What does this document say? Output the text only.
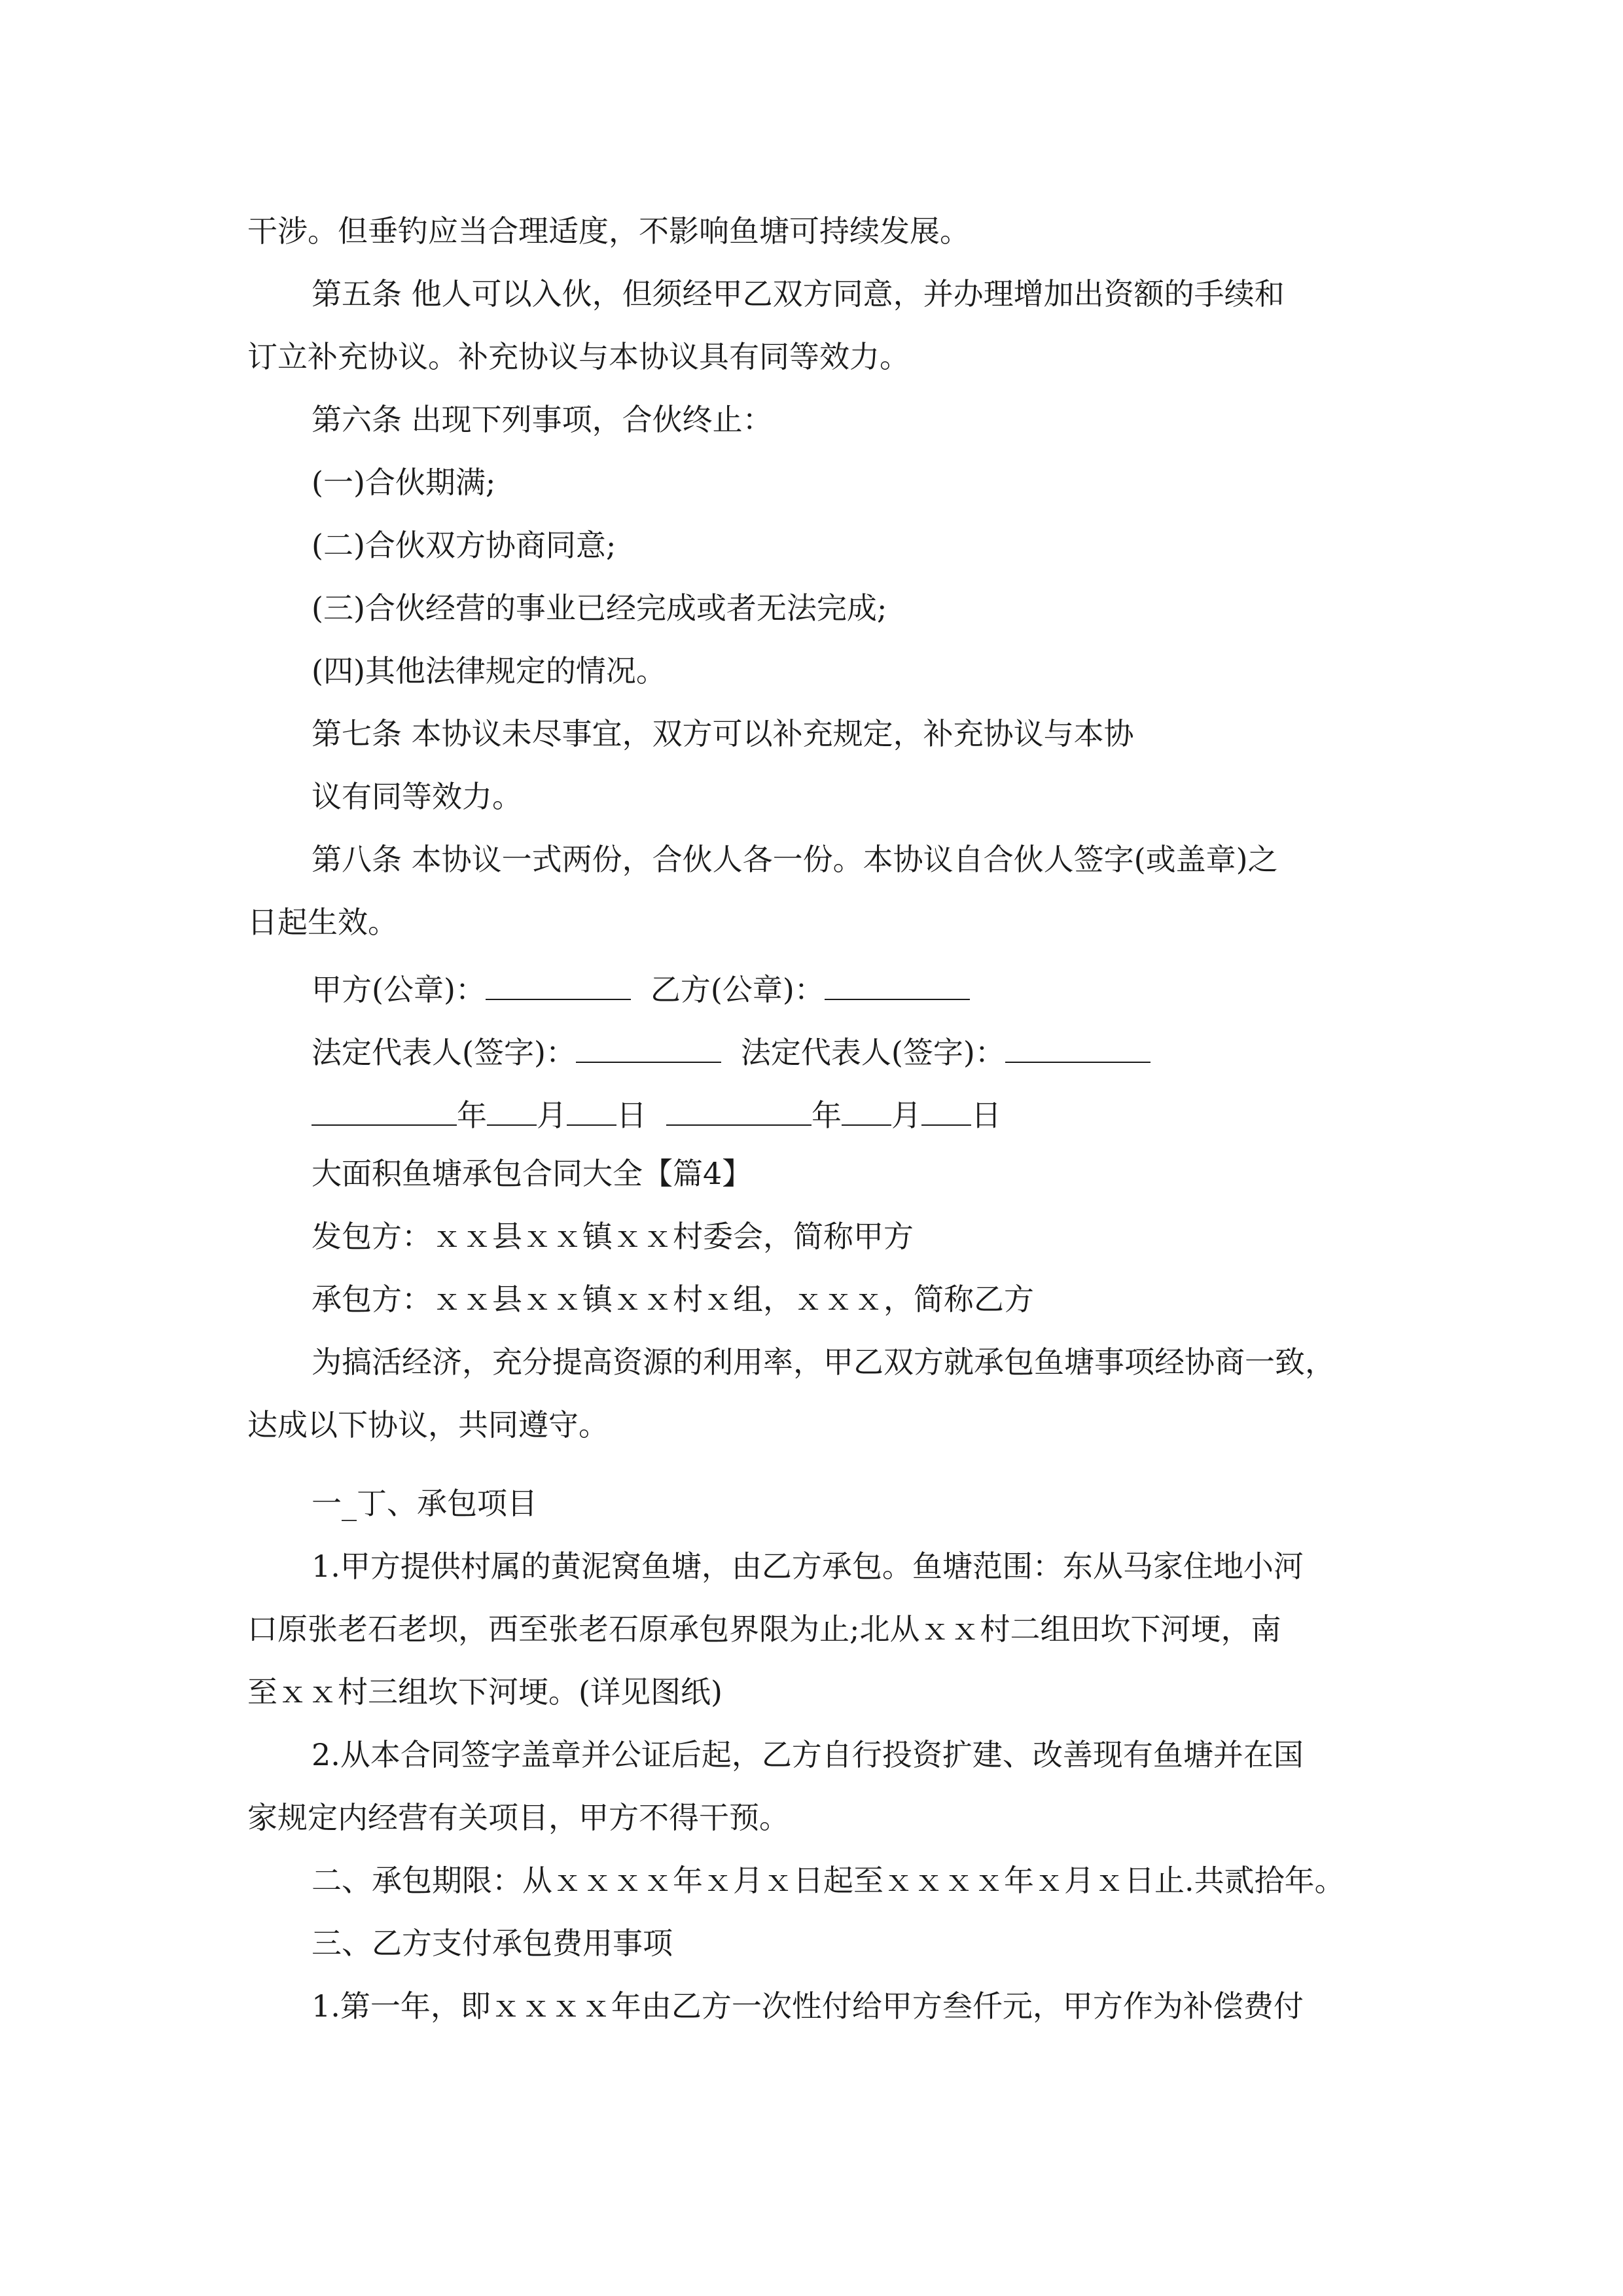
干涉。但垂钓应当合理适度，不影响鱼塘可持续发展。
第五条 他人可以入伙，但须经甲乙双方同意，并办理增加出资额的手续和
订立补充协议。补充协议与本协议具有同等效力。
第六条 出现下列事项，合伙终止：
(一)合伙期满;
(二)合伙双方协商同意;
(三)合伙经营的事业已经完成或者无法完成;
(四)其他法律规定的情况。
第七条 本协议未尽事宜，双方可以补充规定，补充协议与本协
议有同等效力。
第八条 本协议一式两份，合伙人各一份。本协议自合伙人签字(或盖章)之
日起生效。
甲方(公章)：	乙方(公章)：
法定代表人(签字)：	法定代表人(签字)：
年 月 日	年 月 日
大面积鱼塘承包合同大全【篇4】
发包方：ｘｘ县ｘｘ镇ｘｘ村委会，简称甲方
承包方：ｘｘ县ｘｘ镇ｘｘ村ｘ组，ｘｘｘ，简称乙方
为搞活经济，充分提高资源的利用率，甲乙双方就承包鱼塘事项经协商一致，
达成以下协议，共同遵守。
一_丁、承包项目
1.甲方提供村属的黄泥窝鱼塘，由乙方承包。鱼塘范围：东从马家住地小河
口原张老石老坝，西至张老石原承包界限为止;北从ｘｘ村二组田坎下河埂，南
至ｘｘ村三组坎下河埂。(详见图纸)
2.从本合同签字盖章并公证后起，乙方自行投资扩建、改善现有鱼塘并在国
家规定内经营有关项目，甲方不得干预。
二、承包期限：从ｘｘｘｘ年ｘ月ｘ日起至ｘｘｘｘ年ｘ月ｘ日止.共贰拾年。
三、乙方支付承包费用事项
1.第一年，即ｘｘｘｘ年由乙方一次性付给甲方叁仟元，甲方作为补偿费付
